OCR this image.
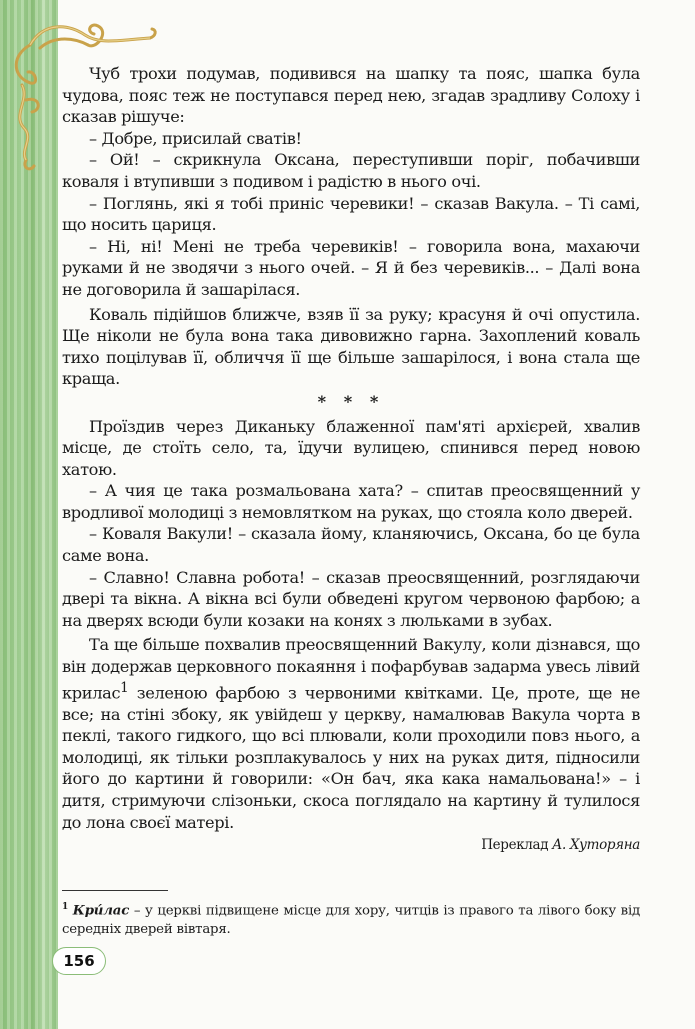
Чуб трохи подумав, подивився на шапку та пояс, шапка була чудова, пояс теж не поступався перед нею, згадав зрадливу Солоху і сказав рішуче:

– Добре, присилай сватів!

– Ой! – скрикнула Оксана, переступивши поріг, побачивши коваля і втупивши з подивом і радістю в нього очі.

– Поглянь, які я тобі приніс черевики! – сказав Вакула. – Ті самі, що носить цариця.

– Ні, ні! Мені не треба черевиків! – говорила вона, махаючи руками й не зводячи з нього очей. – Я й без черевиків... – Далі вона не договорила й зашарілася.

Коваль підійшов ближче, взяв її за руку; красуня й очі опустила. Ще ніколи не була вона така дивовижно гарна. Захоплений коваль тихо поцілував її, обличчя її ще більше зашарілося, і вона стала ще краща.

* * *

Проїздив через Диканьку блаженної пам'яті архієрей, хвалив місце, де стоїть село, та, їдучи вулицею, спинився перед новою хатою.

– А чия це така розмальована хата? – спитав преосвященний у вродливої молодиці з немовлятком на руках, що стояла коло дверей.

– Коваля Вакули! – сказала йому, кланяючись, Оксана, бо це була саме вона.

– Славно! Славна робота! – сказав преосвященний, розглядаючи двері та вікна. А вікна всі були обведені кругом червоною фарбою; а на дверях всюди були козаки на конях з люльками в зубах.

Та ще більше похвалив преосвященний Вакулу, коли дізнався, що він додержав церковного покаяння і пофарбував задарма увесь лівий крилас$^1$ зеленою фарбою з червоними квітками. Це, проте, ще не все; на стіні збоку, як увійдеш у церкву, намалював Вакула чорта в пеклі, такого гидкого, що всі плювали, коли проходили повз нього, а молодиці, як тільки розплакувалось у них на руках дитя, підносили його до картини й говорили: «Он бач, яка кака намальована!» – і дитя, стримуючи слізоньки, скоса поглядало на картину й тулилося до лона своєї матері.

Переклад А. Хуторяна
$^1$ Кри́лас – у церкві підвищене місце для хору, читців із правого та лівого боку від середніх дверей вівтаря.
156
